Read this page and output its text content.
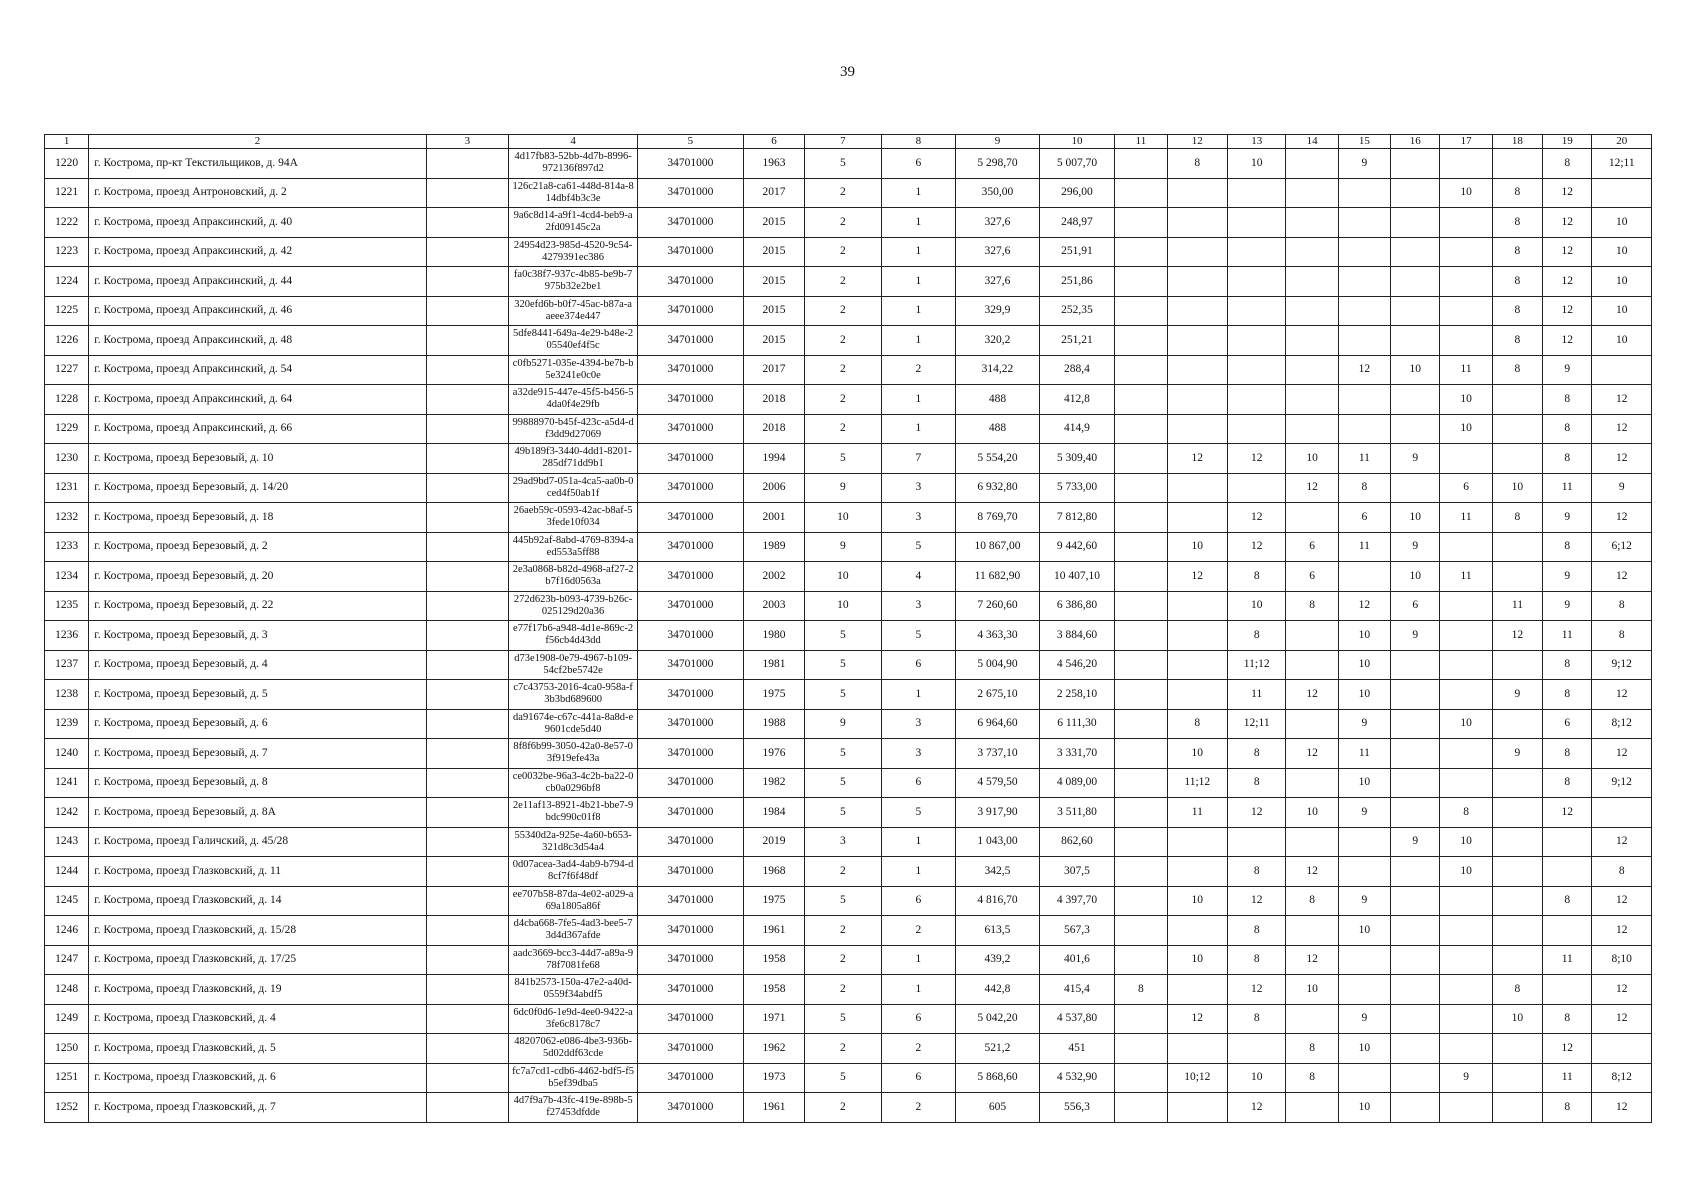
39
1	2	3	4	5	6	7	8	9	10	11	12	13	14	15	16	17	18	19	20
1220	г. Кострома, пр-кт Текстильщиков, д. 94А		4d17fb83-52bb-4d7b-8996-972136f897d2	34701000	1963	5	6	5 298,70	5 007,70		8	10		9				8	12;11
1221	г. Кострома, проезд Антроновский, д. 2		126c21a8-ca61-448d-814a-814dbf4b3c3e	34701000	2017	2	1	350,00	296,00							10	8	12	
1222	г. Кострома, проезд Апраксинский, д. 40		9a6c8d14-a9f1-4cd4-beb9-a2fd09145c2a	34701000	2015	2	1	327,6	248,97								8	12	10
1223	г. Кострома, проезд Апраксинский, д. 42		24954d23-985d-4520-9c54-4279391ec386	34701000	2015	2	1	327,6	251,91								8	12	10
1224	г. Кострома, проезд Апраксинский, д. 44		fa0c38f7-937c-4b85-be9b-7975b32e2be1	34701000	2015	2	1	327,6	251,86								8	12	10
1225	г. Кострома, проезд Апраксинский, д. 46		320efd6b-b0f7-45ac-b87a-aaeee374e447	34701000	2015	2	1	329,9	252,35								8	12	10
1226	г. Кострома, проезд Апраксинский, д. 48		5dfe8441-649a-4e29-b48e-205540ef4f5c	34701000	2015	2	1	320,2	251,21								8	12	10
1227	г. Кострома, проезд Апраксинский, д. 54		c0fb5271-035e-4394-be7b-b5e3241e0c0e	34701000	2017	2	2	314,22	288,4					12	10	11	8	9	
1228	г. Кострома, проезд Апраксинский, д. 64		a32de915-447e-45f5-b456-54da0f4e29fb	34701000	2018	2	1	488	412,8							10		8	12
1229	г. Кострома, проезд Апраксинский, д. 66		99888970-b45f-423c-a5d4-df3dd9d27069	34701000	2018	2	1	488	414,9							10		8	12
1230	г. Кострома, проезд Березовый, д. 10		49b189f3-3440-4dd1-8201-285df71dd9b1	34701000	1994	5	7	5 554,20	5 309,40		12	12	10	11	9			8	12
1231	г. Кострома, проезд Березовый, д. 14/20		29ad9bd7-051a-4ca5-aa0b-0ced4f50ab1f	34701000	2006	9	3	6 932,80	5 733,00				12	8		6	10	11	9
1232	г. Кострома, проезд Березовый, д. 18		26aeb59c-0593-42ac-b8af-53fede10f034	34701000	2001	10	3	8 769,70	7 812,80			12		6	10	11	8	9	12
1233	г. Кострома, проезд Березовый, д. 2		445b92af-8abd-4769-8394-aed553a5ff88	34701000	1989	9	5	10 867,00	9 442,60		10	12	6	11	9			8	6;12
1234	г. Кострома, проезд Березовый, д. 20		2e3a0868-b82d-4968-af27-2b7f16d0563a	34701000	2002	10	4	11 682,90	10 407,10		12	8	6		10	11		9	12
1235	г. Кострома, проезд Березовый, д. 22		272d623b-b093-4739-b26c-025129d20a36	34701000	2003	10	3	7 260,60	6 386,80			10	8	12	6		11	9	8
1236	г. Кострома, проезд Березовый, д. 3		e77f17b6-a948-4d1e-869c-2f56cb4d43dd	34701000	1980	5	5	4 363,30	3 884,60			8		10	9		12	11	8
1237	г. Кострома, проезд Березовый, д. 4		d73e1908-0e79-4967-b109-54cf2be5742e	34701000	1981	5	6	5 004,90	4 546,20			11;12		10				8	9;12
1238	г. Кострома, проезд Березовый, д. 5		c7c43753-2016-4ca0-958a-f3b3bd689600	34701000	1975	5	1	2 675,10	2 258,10			11	12	10			9	8	12
1239	г. Кострома, проезд Березовый, д. 6		da91674e-c67c-441a-8a8d-e9601cde5d40	34701000	1988	9	3	6 964,60	6 111,30		8	12;11		9		10		6	8;12
1240	г. Кострома, проезд Березовый, д. 7		8f8f6b99-3050-42a0-8e57-03f919efe43a	34701000	1976	5	3	3 737,10	3 331,70		10	8	12	11			9	8	12
1241	г. Кострома, проезд Березовый, д. 8		ce0032be-96a3-4c2b-ba22-0cb0a0296bf8	34701000	1982	5	6	4 579,50	4 089,00		11;12	8		10				8	9;12
1242	г. Кострома, проезд Березовый, д. 8А		2e11af13-8921-4b21-bbe7-9bdc990c01f8	34701000	1984	5	5	3 917,90	3 511,80		11	12	10	9		8		12	
1243	г. Кострома, проезд Галичский, д. 45/28		55340d2a-925e-4a60-b653-321d8c3d54a4	34701000	2019	3	1	1 043,00	862,60						9	10			12
1244	г. Кострома, проезд Глазковский, д. 11		0d07acea-3ad4-4ab9-b794-d8cf7f6f48df	34701000	1968	2	1	342,5	307,5			8	12			10			8
1245	г. Кострома, проезд Глазковский, д. 14		ee707b58-87da-4e02-a029-a69a1805a86f	34701000	1975	5	6	4 816,70	4 397,70		10	12	8	9				8	12
1246	г. Кострома, проезд Глазковский, д. 15/28		d4cba668-7fe5-4ad3-bee5-73d4d367afde	34701000	1961	2	2	613,5	567,3			8		10					12
1247	г. Кострома, проезд Глазковский, д. 17/25		aadc3669-bcc3-44d7-a89a-978f7081fe68	34701000	1958	2	1	439,2	401,6		10	8	12					11	8;10
1248	г. Кострома, проезд Глазковский, д. 19		841b2573-150a-47e2-a40d-0559f34abdf5	34701000	1958	2	1	442,8	415,4	8		12	10				8		12
1249	г. Кострома, проезд Глазковский, д. 4		6dc0f0d6-1e9d-4ee0-9422-a3fe6c8178c7	34701000	1971	5	6	5 042,20	4 537,80		12	8		9			10	8	12
1250	г. Кострома, проезд Глазковский, д. 5		48207062-e086-4be3-936b-5d02ddf63cde	34701000	1962	2	2	521,2	451				8	10				12	
1251	г. Кострома, проезд Глазковский, д. 6		fc7a7cd1-cdb6-4462-bdf5-f5b5ef39dba5	34701000	1973	5	6	5 868,60	4 532,90		10;12	10	8			9		11	8;12
1252	г. Кострома, проезд Глазковский, д. 7		4d7f9a7b-43fc-419e-898b-5f27453dfdde	34701000	1961	2	2	605	556,3			12		10				8	12
